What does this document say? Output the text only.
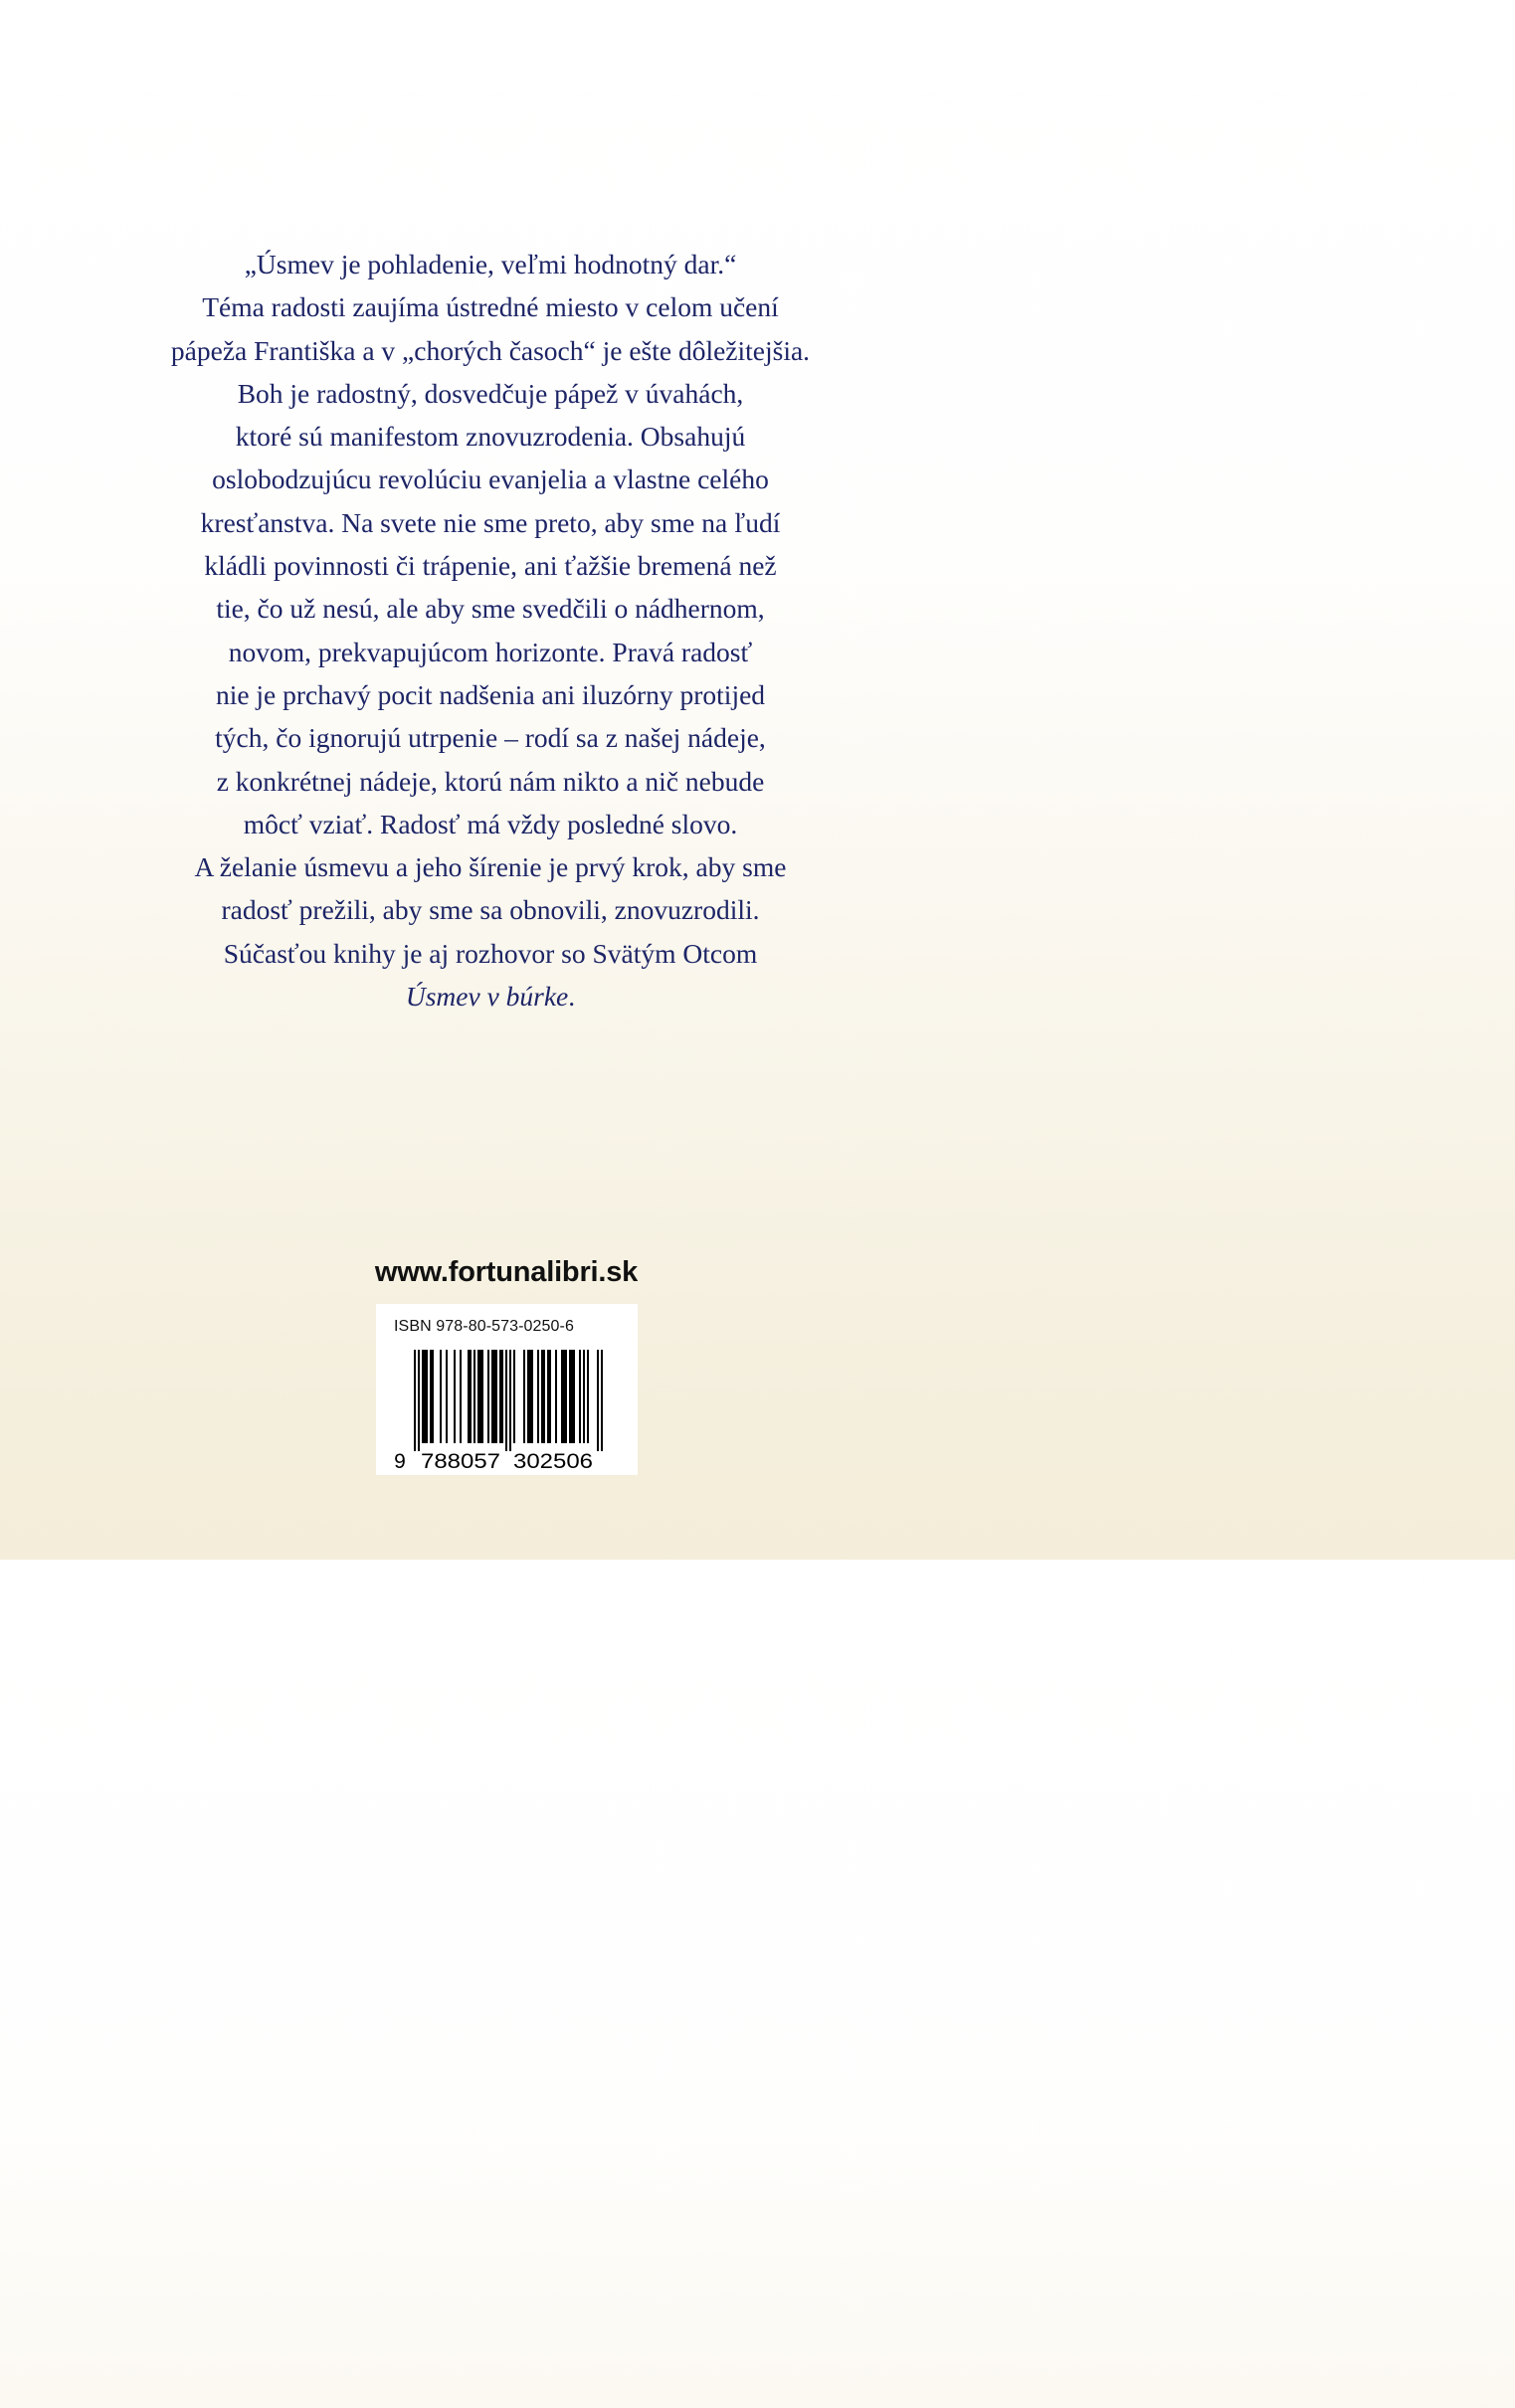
„Úsmev je pohladenie, veľmi hodnotný dar.“
Téma radosti zaujíma ústredné miesto v celom učení
pápeža Františka a v „chorých časoch“ je ešte dôležitejšia.
Boh je radostný, dosvedčuje pápež v úvahách,
ktoré sú manifestom znovuzrodenia. Obsahujú
oslobodzujúcu revolúciu evanjelia a vlastne celého
kresťanstva. Na svete nie sme preto, aby sme na ľudí
kládli povinnosti či trápenie, ani ťažšie bremená než
tie, čo už nesú, ale aby sme svedčili o nádhernom,
novom, prekvapujúcom horizonte. Pravá radosť
nie je prchavý pocit nadšenia ani iluzórny protijed
tých, čo ignorujú utrpenie – rodí sa z našej nádeje,
z konkrétnej nádeje, ktorú nám nikto a nič nebude
môcť vziať. Radosť má vždy posledné slovo.
A želanie úsmevu a jeho šírenie je prvý krok, aby sme
radosť prežili, aby sme sa obnovili, znovuzrodili.
Súčasťou knihy je aj rozhovor so Svätým Otcom
Úsmev v búrke.
www.fortunalibri.sk
ISBN 978-80-573-0250-6
9 788057 302506
